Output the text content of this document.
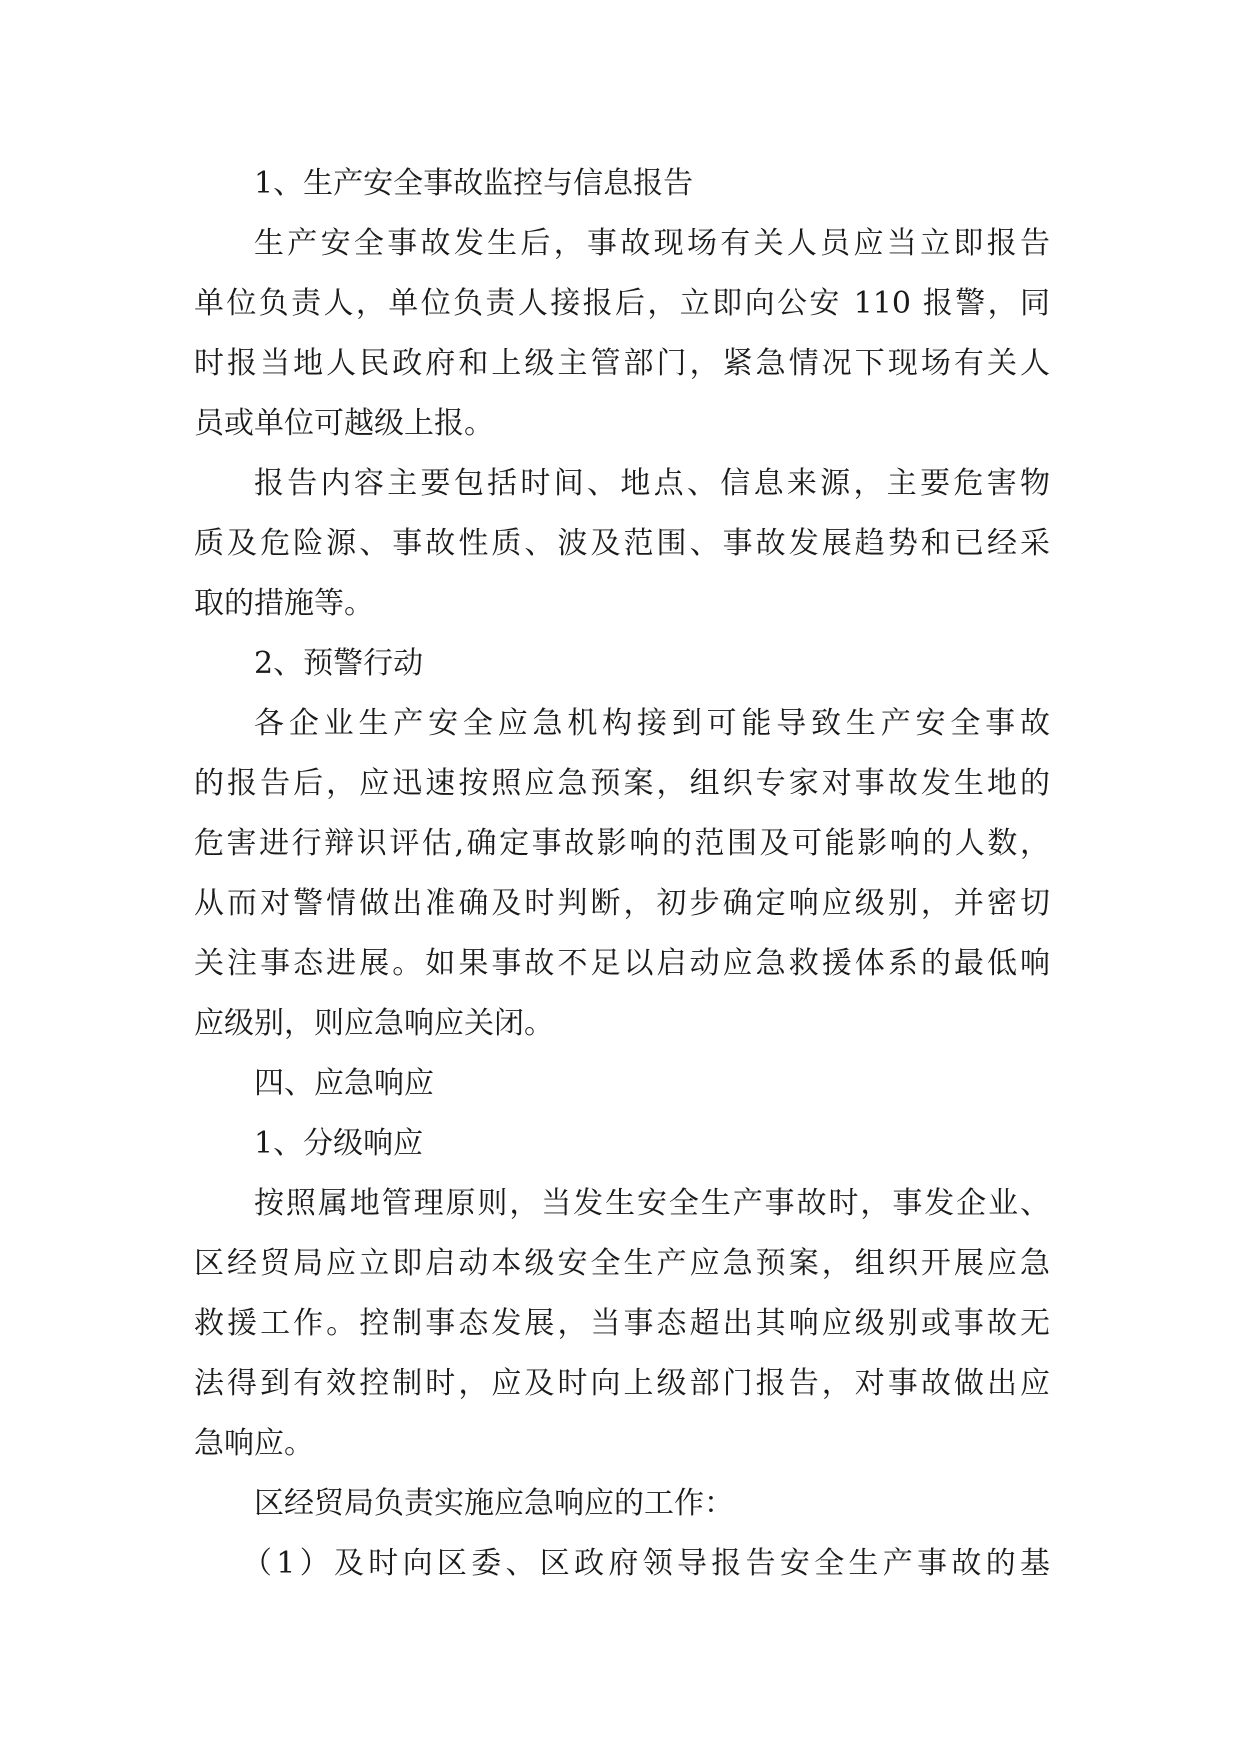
1、生产安全事故监控与信息报告
生产安全事故发生后，事故现场有关人员应当立即报告
单位负责人，单位负责人接报后，立即向公安 110 报警，同
时报当地人民政府和上级主管部门，紧急情况下现场有关人
员或单位可越级上报。
报告内容主要包括时间、地点、信息来源，主要危害物
质及危险源、事故性质、波及范围、事故发展趋势和已经采
取的措施等。
2、预警行动
各企业生产安全应急机构接到可能导致生产安全事故
的报告后，应迅速按照应急预案，组织专家对事故发生地的
危害进行辩识评估,确定事故影响的范围及可能影响的人数，
从而对警情做出准确及时判断，初步确定响应级别，并密切
关注事态进展。如果事故不足以启动应急救援体系的最低响
应级别，则应急响应关闭。
四、应急响应
1、分级响应
按照属地管理原则，当发生安全生产事故时，事发企业、
区经贸局应立即启动本级安全生产应急预案，组织开展应急
救援工作。控制事态发展，当事态超出其响应级别或事故无
法得到有效控制时，应及时向上级部门报告，对事故做出应
急响应。
区经贸局负责实施应急响应的工作：
（1）及时向区委、区政府领导报告安全生产事故的基
